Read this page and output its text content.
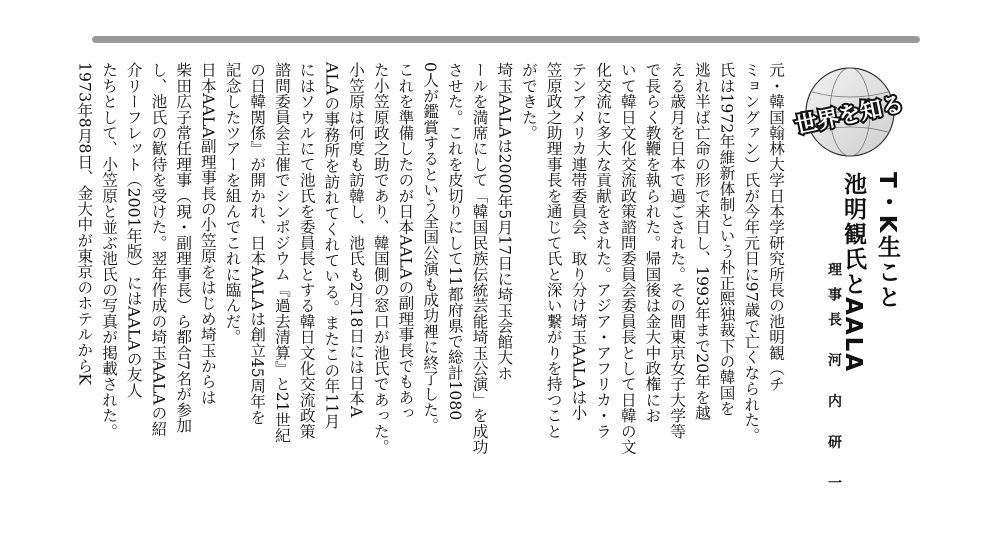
世界を知る
T・K生こと
池明観氏とAALA
理事長 河 内 研 一
元・韓国翰林大学日本学研究所長の池明観（チ
ミョングァン）氏が今年元日に97歳で亡くなられた。
氏は1972年維新体制という朴正熙独裁下の韓国を
逃れ半ば亡命の形で来日し、1993年まで20年を越
える歳月を日本で過ごされた。その間東京女子大学等
で長らく教鞭を執られた。帰国後は金大中政権にお
いて韓日文化交流政策諮問委員会委員長として日韓の文
化交流に多大な貢献をされた。アジア・アフリカ・ラ
テンアメリカ連帯委員会、取り分け埼玉AALAは小
笠原政之助理事長を通じて氏と深い繋がりを持つこと
ができた。
埼玉AALAは2000年5月17日に埼玉会館大ホ
ールを満席にして「韓国民族伝統芸能埼玉公演」を成功
させた。これを皮切りにして11都府県で総計1080
0人が鑑賞するという全国公演も成功裡に終了した。
これを準備したのが日本AALAの副理事長でもあっ
た小笠原政之助であり、韓国側の窓口が池氏であった。
小笠原は何度も訪韓し、池氏も2月18日には日本A
ALAの事務所を訪れてくれている。またこの年11月
にはソウルにて池氏を委員長とする韓日文化交流政策
諮問委員会主催でシンポジウム『過去清算』と21世紀
の日韓関係』が開かれ、日本AALAは創立45周年を
記念したツアーを組んでこれに臨んだ。
日本AALA副理事長の小笠原をはじめ埼玉からは
柴田広子常任理事（現・副理事長）ら都合7名が参加
し、池氏の歓待を受けた。翌年作成の埼玉AALAの紹
介リーフレット（2001年版）にはAALAの友人
たちとして、小笠原と並ぶ池氏の写真が掲載された。
1973年8月8日、金大中が東京のホテルからK
